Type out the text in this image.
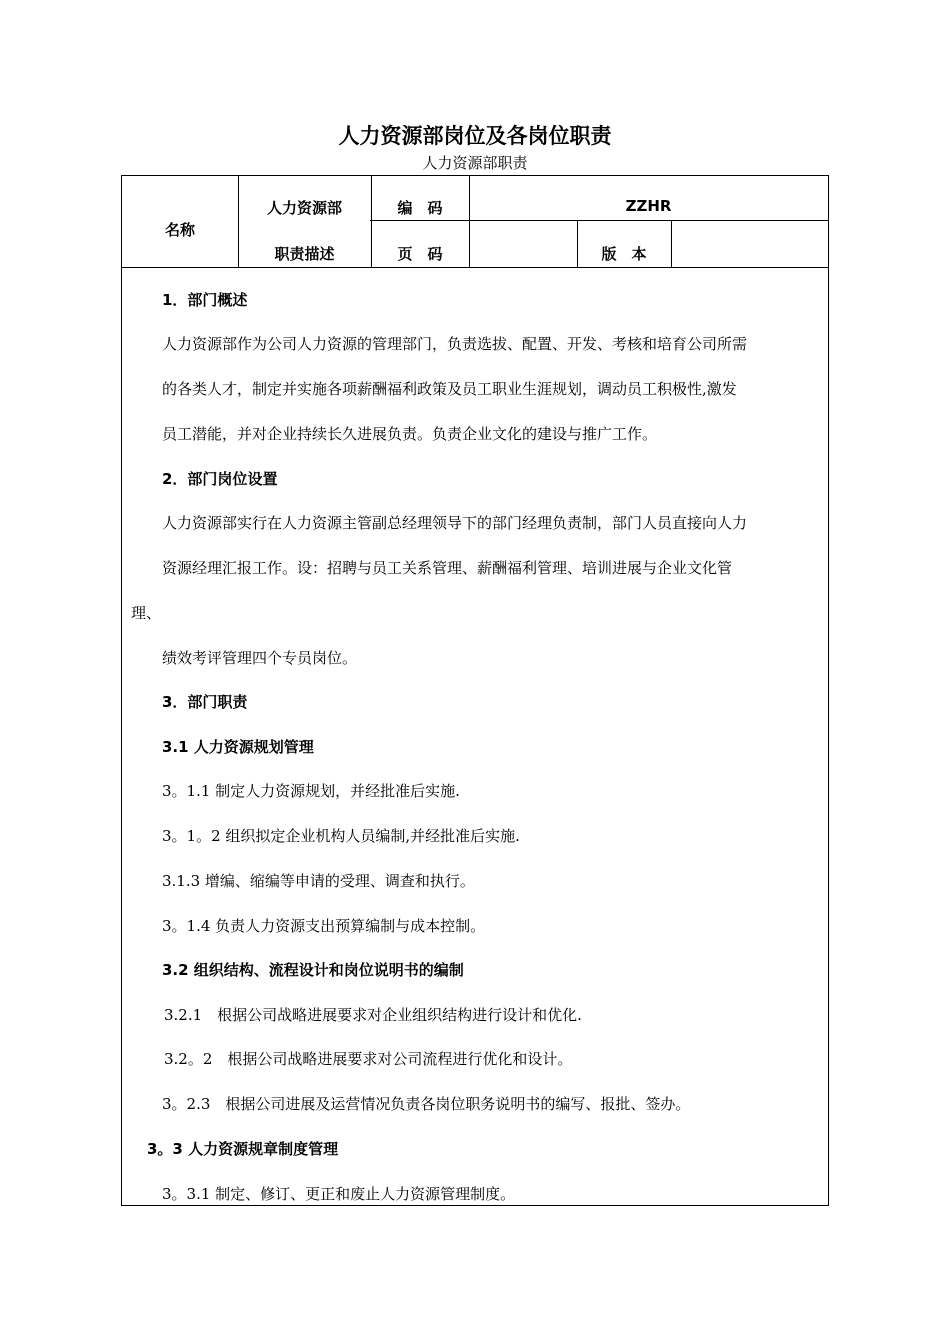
人力资源部岗位及各岗位职责
人力资源部职责
名称
人力资源部
职责描述
编　码	ZZHR
页　码	版　本
1．部门概述
人力资源部作为公司人力资源的管理部门，负责选拔、配置、开发、考核和培育公司所需
的各类人才，制定并实施各项薪酬福利政策及员工职业生涯规划，调动员工积极性,激发
员工潜能，并对企业持续长久进展负责。负责企业文化的建设与推广工作。
2．部门岗位设置
人力资源部实行在人力资源主管副总经理领导下的部门经理负责制，部门人员直接向人力
资源经理汇报工作。设：招聘与员工关系管理、薪酬福利管理、培训进展与企业文化管
理、
绩效考评管理四个专员岗位。
3．部门职责
3.1 人力资源规划管理
3。1.1 制定人力资源规划，并经批准后实施.
3。1。2 组织拟定企业机构人员编制,并经批准后实施.
3.1.3 增编、缩编等申请的受理、调查和执行。
3。1.4 负责人力资源支出预算编制与成本控制。
3.2 组织结构、流程设计和岗位说明书的编制
3.2.1　根据公司战略进展要求对企业组织结构进行设计和优化.
3.2。2　根据公司战略进展要求对公司流程进行优化和设计。
3。2.3　根据公司进展及运营情况负责各岗位职务说明书的编写、报批、签办。
3。3 人力资源规章制度管理
3。3.1 制定、修订、更正和废止人力资源管理制度。
